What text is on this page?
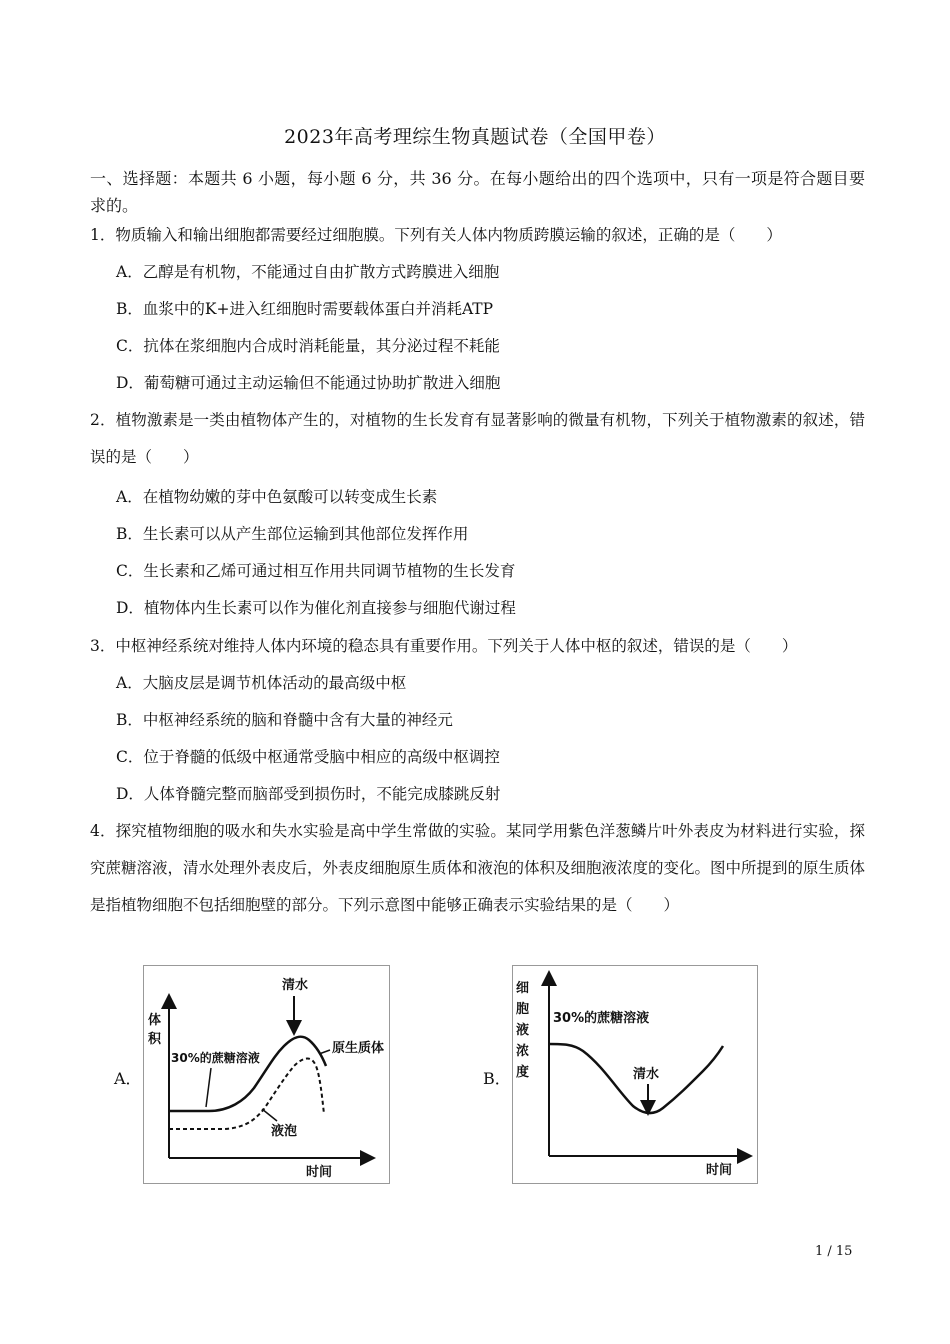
2023年高考理综生物真题试卷（全国甲卷）
一、选择题：本题共 6 小题，每小题 6 分，共 36 分。在每小题给出的四个选项中，只有一项是符合题目要求的。
1．物质输入和输出细胞都需要经过细胞膜。下列有关人体内物质跨膜运输的叙述，正确的是（　　）
A．乙醇是有机物，不能通过自由扩散方式跨膜进入细胞
B．血浆中的K+进入红细胞时需要载体蛋白并消耗ATP
C．抗体在浆细胞内合成时消耗能量，其分泌过程不耗能
D．葡萄糖可通过主动运输但不能通过协助扩散进入细胞
2．植物激素是一类由植物体产生的，对植物的生长发育有显著影响的微量有机物，下列关于植物激素的叙述，错误的是（　　）
A．在植物幼嫩的芽中色氨酸可以转变成生长素
B．生长素可以从产生部位运输到其他部位发挥作用
C．生长素和乙烯可通过相互作用共同调节植物的生长发育
D．植物体内生长素可以作为催化剂直接参与细胞代谢过程
3．中枢神经系统对维持人体内环境的稳态具有重要作用。下列关于人体中枢的叙述，错误的是（　　）
A．大脑皮层是调节机体活动的最高级中枢
B．中枢神经系统的脑和脊髓中含有大量的神经元
C．位于脊髓的低级中枢通常受脑中相应的高级中枢调控
D．人体脊髓完整而脑部受到损伤时，不能完成膝跳反射
4．探究植物细胞的吸水和失水实验是高中学生常做的实验。某同学用紫色洋葱鳞片叶外表皮为材料进行实验，探究蔗糖溶液，清水处理外表皮后，外表皮细胞原生质体和液泡的体积及细胞液浓度的变化。图中所提到的原生质体是指植物细胞不包括细胞壁的部分。下列示意图中能够正确表示实验结果的是（　　）
A．
体
积
时间
30%的蔗糖溶液
清水
原生质体
液泡
B．
细
胞
液
浓
度
时间
30%的蔗糖溶液
清水
1 / 15
